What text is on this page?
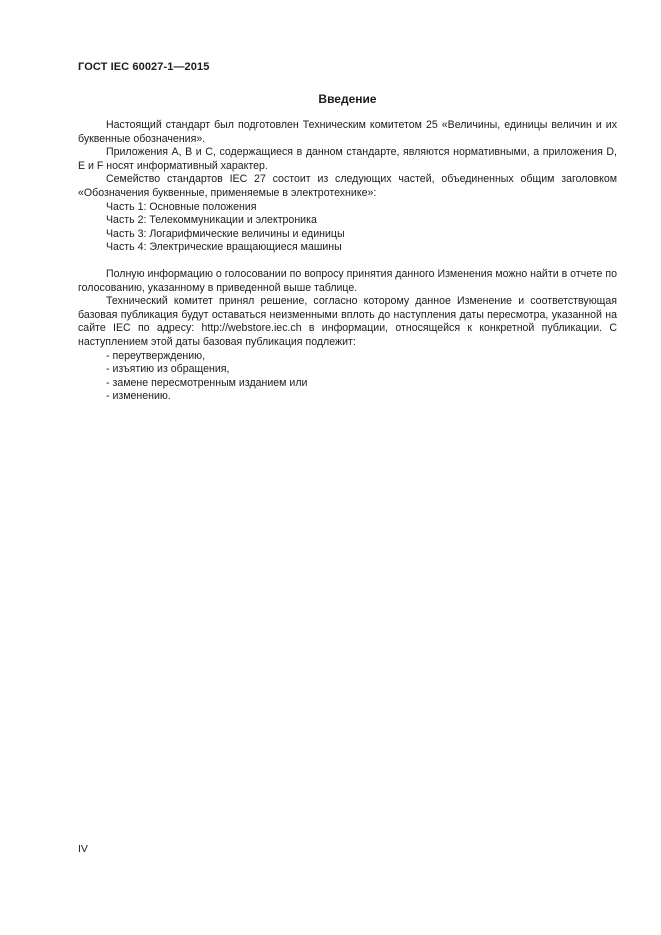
ГОСТ IEC 60027-1—2015
Введение

Настоящий стандарт был подготовлен Техническим комитетом 25 «Величины, единицы величин и их буквенные обозначения».

Приложения А, В и С, содержащиеся в данном стандарте, являются нормативными, а приложения D, E и F носят информативный характер.

Семейство стандартов IEC 27 состоит из следующих частей, объединенных общим заголовком «Обозначения буквенные, применяемые в электротехнике»:

Часть 1: Основные положения

Часть 2: Телекоммуникации и электроника

Часть 3: Логарифмические величины и единицы

Часть 4: Электрические вращающиеся машины

Полную информацию о голосовании по вопросу принятия данного Изменения можно найти в отчете по голосованию, указанному в приведенной выше таблице.

Технический комитет принял решение, согласно которому данное Изменение и соответствующая базовая публикация будут оставаться неизменными вплоть до наступления даты пересмотра, указанной на сайте IEC по адресу: http://webstore.iec.ch в информации, относящейся к конкретной публикации. С наступлением этой даты базовая публикация подлежит:

- переутверждению,

- изъятию из обращения,

- замене пересмотренным изданием или

- изменению.

IV
